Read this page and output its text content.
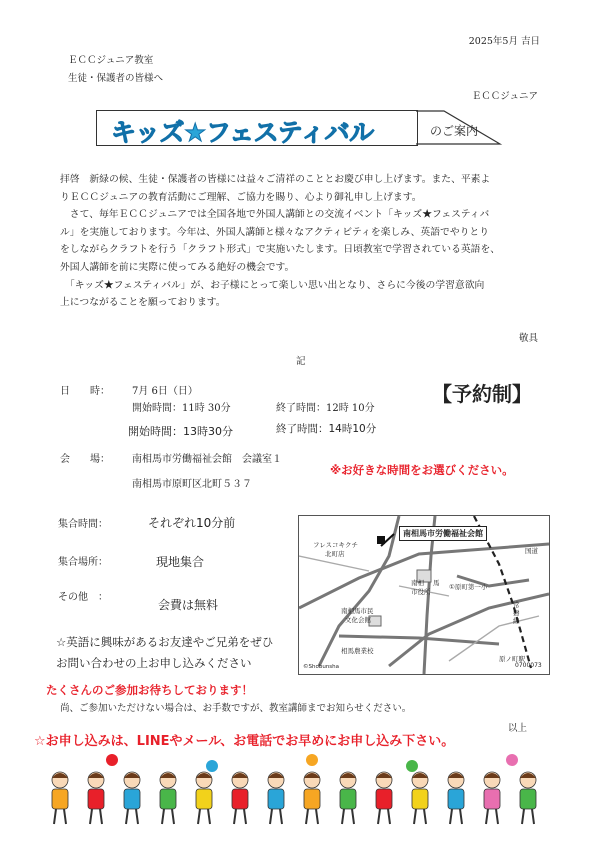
2025年5月 吉日
ＥＣＣジュニア教室
生徒・保護者の皆様へ
ＥＣＣジュニア
キッズ★フェスティバル	のご案内
拝啓　新緑の候、生徒・保護者の皆様には益々ご清祥のこととお慶び申し上げます。また、平素よ
りＥＣＣジュニアの教育活動にご理解、ご協力を賜り、心より御礼申し上げます。
　さて、毎年ＥＣＣジュニアでは全国各地で外国人講師との交流イベント「キッズ★フェスティバ
ル」を実施しております。今年は、外国人講師と様々なアクティビティを楽しみ、英語でやりとり
をしながらクラフトを行う「クラフト形式」で実施いたします。日頃教室で学習されている英語を、
外国人講師を前に実際に使ってみる絶好の機会です。
　「キッズ★フェスティバル」が、お子様にとって楽しい思い出となり、さらに今後の学習意欲向
上につながることを願っております。
敬具
記
日　　時： 7月 6日（日）
開始時間：11時 30分	終了時間：12時 10分
開始時間：13時30分	終了時間：14時10分
【予約制】
会　　場： 南相馬市労働福祉会館　会議室１
南相馬市原町区北町５３７
※お好きな時間をお選びください。
集合時間：	それぞれ10分前
集合場所：	現地集合
その他　：
会費は無料
☆英語に興味があるお友達やご兄弟をぜひ
お問い合わせの上お申し込みください
たくさんのご参加お待ちしております！
尚、ご参加いただけない場合は、お手数ですが、教室講師までお知らせください。
以上
☆お申し込みは、LINEやメール、お電話でお早めにお申し込み下さい。
南相馬市労働福祉会館
フレスコキクチ
北町店
南相 馬
市役所
①原町第一小
南相馬市民
文化会館
相馬農業校
原ノ町駅
常
磐
線
国道
0700073
©Shobunsha
